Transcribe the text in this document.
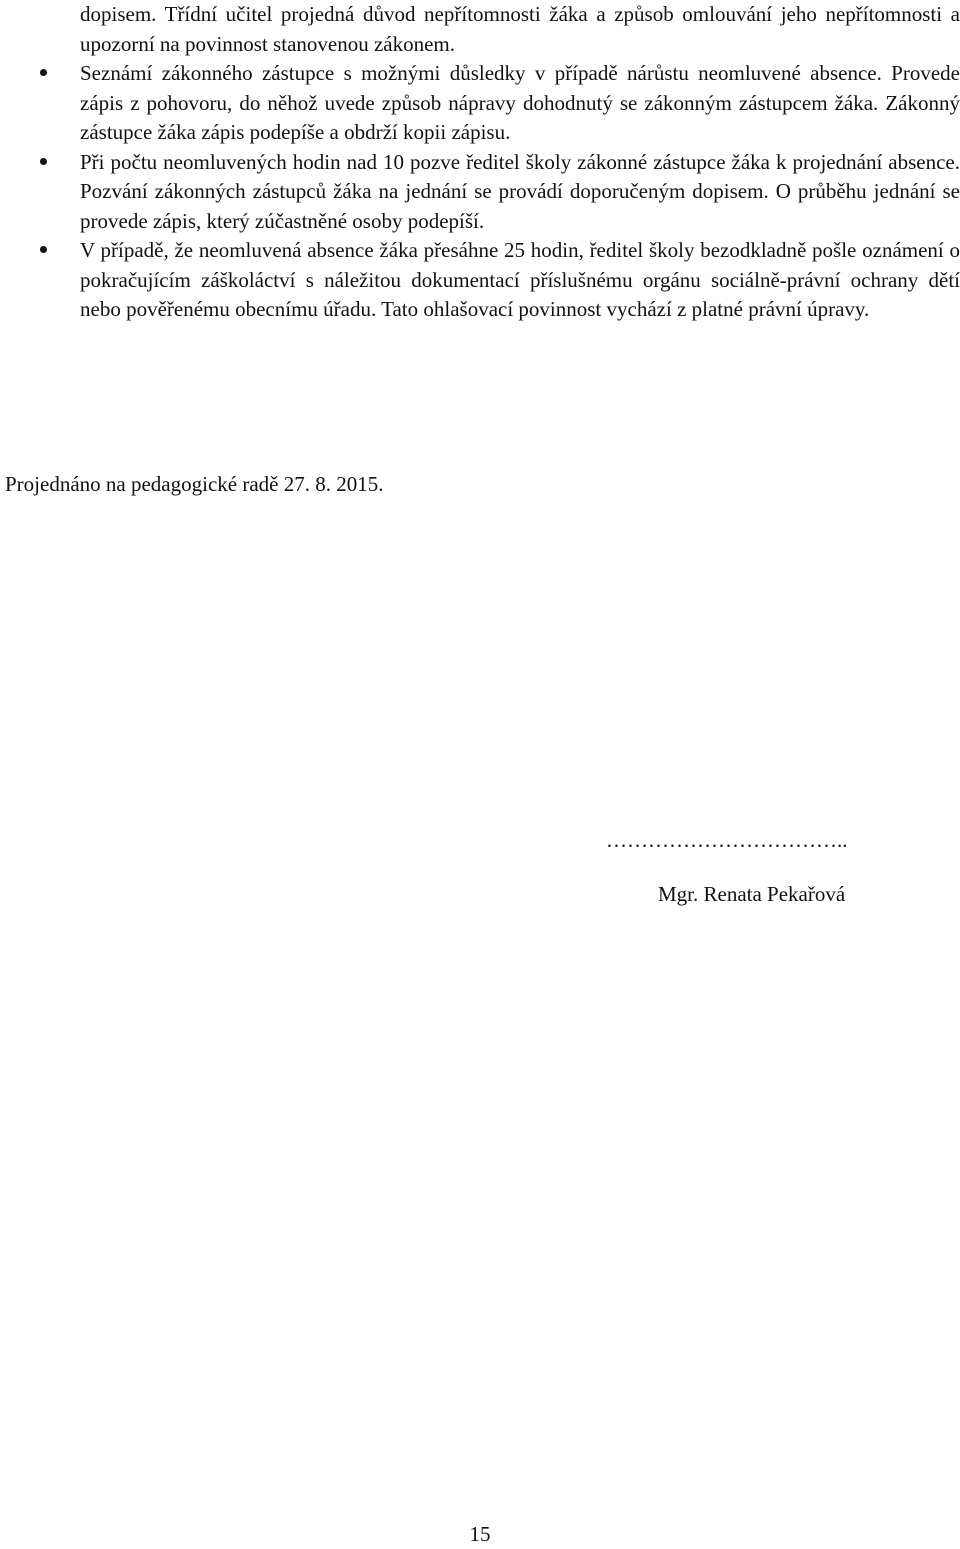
dopisem. Třídní učitel projedná důvod nepřítomnosti žáka a způsob omlouvání jeho nepřítomnosti a upozorní na povinnost stanovenou zákonem.

Seznámí zákonného zástupce s možnými důsledky v případě nárůstu neomluvené absence. Provede zápis z pohovoru, do něhož uvede způsob nápravy dohodnutý se zákonným zástupcem žáka. Zákonný zástupce žáka zápis podepíše a obdrží kopii zápisu.
Při počtu neomluvených hodin nad 10 pozve ředitel školy zákonné zástupce žáka k projednání absence. Pozvání zákonných zástupců žáka na jednání se provádí doporučeným dopisem. O průběhu jednání se provede zápis, který zúčastněné osoby podepíší.
V případě, že neomluvená absence žáka přesáhne 25 hodin, ředitel školy bezodkladně pošle oznámení o pokračujícím záškoláctví s náležitou dokumentací příslušnému orgánu sociálně-právní ochrany dětí nebo pověřenému obecnímu úřadu. Tato ohlašovací povinnost vychází z platné právní úpravy.

Projednáno na pedagogické radě 27. 8. 2015.

……………………………..

Mgr. Renata Pekařová

15
